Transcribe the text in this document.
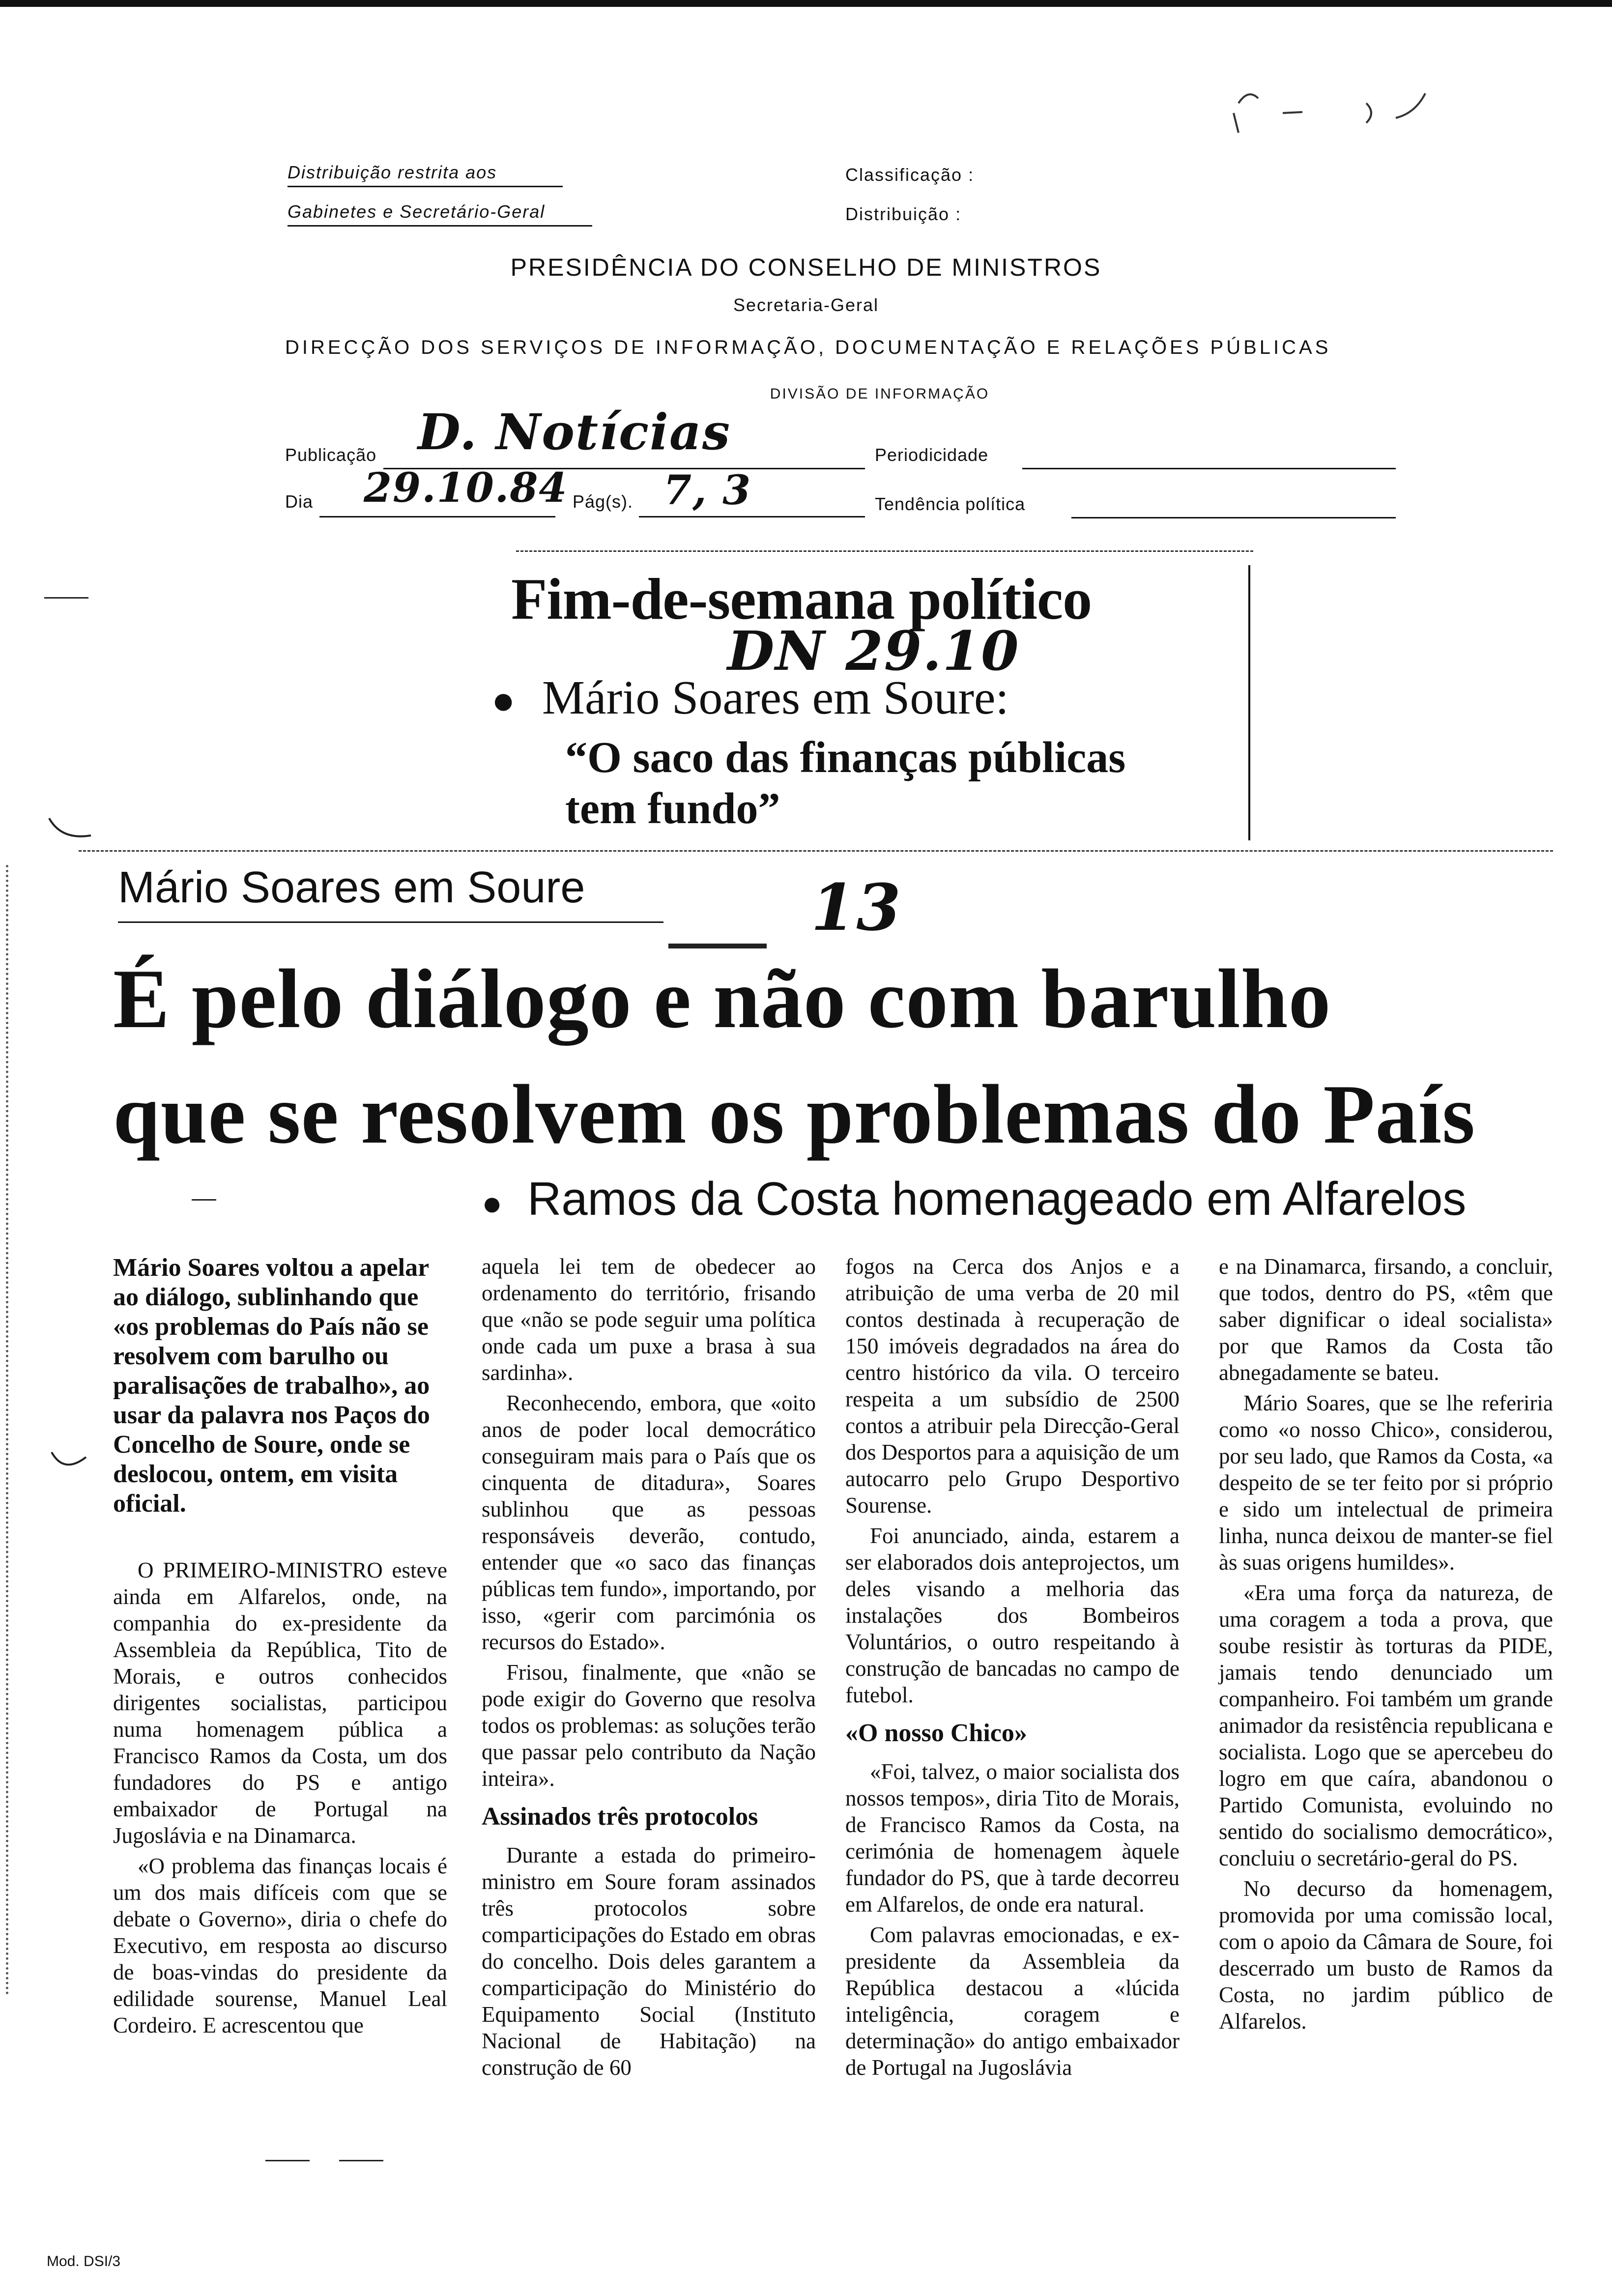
Distribuição restrita aos
Gabinetes e Secretário-Geral
Classificação :
Distribuição :
PRESIDÊNCIA DO CONSELHO DE MINISTROS
Secretaria-Geral
DIRECÇÃO DOS SERVIÇOS DE INFORMAÇÃO, DOCUMENTAÇÃO E RELAÇÕES PÚBLICAS
DIVISÃO DE INFORMAÇÃO
Publicação D. Notícias	Periodicidade
Dia 29.10.84 Pág(s). 7, 3	Tendência política
Fim-de-semana político
DN 29.10
● Mário Soares em Soure:
“O saco das finanças públicas
tem fundo”
Mário Soares em Soure	13
É pelo diálogo e não com barulho
que se resolvem os problemas do País
● Ramos da Costa homenageado em Alfarelos

Mário Soares voltou a apelar ao diálogo, sublinhando que «os problemas do País não se resolvem com barulho ou paralisações de trabalho», ao usar da palavra nos Paços do Concelho de Soure, onde se deslocou, ontem, em visita oficial.

O PRIMEIRO-MINISTRO esteve ainda em Alfarelos, onde, na companhia do ex-presidente da Assembleia da República, Tito de Morais, e outros conhecidos dirigentes socialistas, participou numa homenagem pública a Francisco Ramos da Costa, um dos fundadores do PS e antigo embaixador de Portugal na Jugoslávia e na Dinamarca.

«O problema das finanças locais é um dos mais difíceis com que se debate o Governo», diria o chefe do Executivo, em resposta ao discurso de boas-vindas do presidente da edilidade sourense, Manuel Leal Cordeiro. E acrescentou que

aquela lei tem de obedecer ao ordenamento do território, frisando que «não se pode seguir uma política onde cada um puxe a brasa à sua sardinha».

Reconhecendo, embora, que «oito anos de poder local democrático conseguiram mais para o País que os cinquenta de ditadura», Soares sublinhou que as pessoas responsáveis deverão, contudo, entender que «o saco das finanças públicas tem fundo», importando, por isso, «gerir com parcimónia os recursos do Estado».

Frisou, finalmente, que «não se pode exigir do Governo que resolva todos os problemas: as soluções terão que passar pelo contributo da Nação inteira».

Assinados três protocolos

Durante a estada do primeiro-ministro em Soure foram assinados três protocolos sobre comparticipações do Estado em obras do concelho. Dois deles garantem a comparticipação do Ministério do Equipamento Social (Instituto Nacional de Habitação) na construção de 60

fogos na Cerca dos Anjos e a atribuição de uma verba de 20 mil contos destinada à recuperação de 150 imóveis degradados na área do centro histórico da vila. O terceiro respeita a um subsídio de 2500 contos a atribuir pela Direcção-Geral dos Desportos para a aquisição de um autocarro pelo Grupo Desportivo Sourense.

Foi anunciado, ainda, estarem a ser elaborados dois anteprojectos, um deles visando a melhoria das instalações dos Bombeiros Voluntários, o outro respeitando à construção de bancadas no campo de futebol.

«O nosso Chico»

«Foi, talvez, o maior socialista dos nossos tempos», diria Tito de Morais, de Francisco Ramos da Costa, na cerimónia de homenagem àquele fundador do PS, que à tarde decorreu em Alfarelos, de onde era natural.

Com palavras emocionadas, e ex-presidente da Assembleia da República destacou a «lúcida inteligência, coragem e determinação» do antigo embaixador de Portugal na Jugoslávia

e na Dinamarca, firsando, a concluir, que todos, dentro do PS, «têm que saber dignificar o ideal socialista» por que Ramos da Costa tão abnegadamente se bateu.

Mário Soares, que se lhe referiria como «o nosso Chico», considerou, por seu lado, que Ramos da Costa, «a despeito de se ter feito por si próprio e sido um intelectual de primeira linha, nunca deixou de manter-se fiel às suas origens humildes».

«Era uma força da natureza, de uma coragem a toda a prova, que soube resistir às torturas da PIDE, jamais tendo denunciado um companheiro. Foi também um grande animador da resistência republicana e socialista. Logo que se apercebeu do logro em que caíra, abandonou o Partido Comunista, evoluindo no sentido do socialismo democrático», concluiu o secretário-geral do PS.

No decurso da homenagem, promovida por uma comissão local, com o apoio da Câmara de Soure, foi descerrado um busto de Ramos da Costa, no jardim público de Alfarelos.

Mod. DSI/3
